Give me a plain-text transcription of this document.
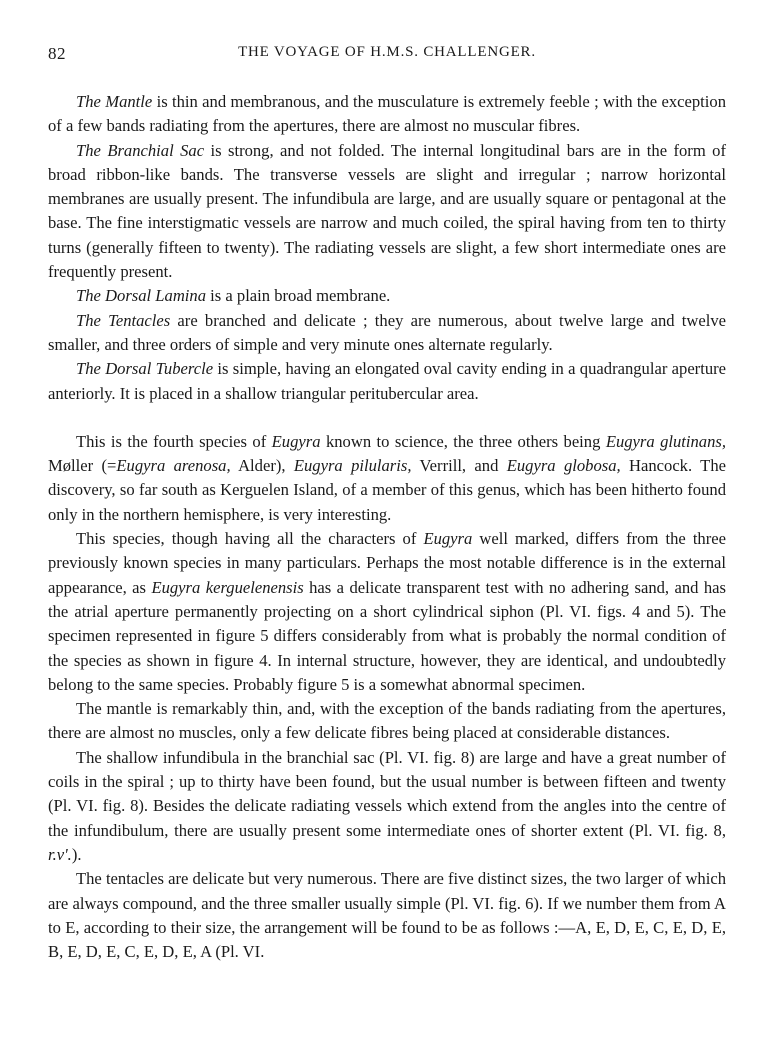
82	THE VOYAGE OF H.M.S. CHALLENGER.

The Mantle is thin and membranous, and the musculature is extremely feeble ; with the exception of a few bands radiating from the apertures, there are almost no muscular fibres.

The Branchial Sac is strong, and not folded. The internal longitudinal bars are in the form of broad ribbon-like bands. The transverse vessels are slight and irregular ; narrow horizontal membranes are usually present. The infundibula are large, and are usually square or pentagonal at the base. The fine interstigmatic vessels are narrow and much coiled, the spiral having from ten to thirty turns (generally fifteen to twenty). The radiating vessels are slight, a few short intermediate ones are frequently present.

The Dorsal Lamina is a plain broad membrane.

The Tentacles are branched and delicate ; they are numerous, about twelve large and twelve smaller, and three orders of simple and very minute ones alternate regularly.

The Dorsal Tubercle is simple, having an elongated oval cavity ending in a quadrangular aperture anteriorly. It is placed in a shallow triangular peritubercular area.

This is the fourth species of Eugyra known to science, the three others being Eugyra glutinans, Møller (=Eugyra arenosa, Alder), Eugyra pilularis, Verrill, and Eugyra globosa, Hancock. The discovery, so far south as Kerguelen Island, of a member of this genus, which has been hitherto found only in the northern hemisphere, is very interesting.

This species, though having all the characters of Eugyra well marked, differs from the three previously known species in many particulars. Perhaps the most notable difference is in the external appearance, as Eugyra kerguelenensis has a delicate transparent test with no adhering sand, and has the atrial aperture permanently projecting on a short cylindrical siphon (Pl. VI. figs. 4 and 5). The specimen represented in figure 5 differs considerably from what is probably the normal condition of the species as shown in figure 4. In internal structure, however, they are identical, and undoubtedly belong to the same species. Probably figure 5 is a somewhat abnormal specimen.

The mantle is remarkably thin, and, with the exception of the bands radiating from the apertures, there are almost no muscles, only a few delicate fibres being placed at considerable distances.

The shallow infundibula in the branchial sac (Pl. VI. fig. 8) are large and have a great number of coils in the spiral ; up to thirty have been found, but the usual number is between fifteen and twenty (Pl. VI. fig. 8). Besides the delicate radiating vessels which extend from the angles into the centre of the infundibulum, there are usually present some intermediate ones of shorter extent (Pl. VI. fig. 8, r.v'.).

The tentacles are delicate but very numerous. There are five distinct sizes, the two larger of which are always compound, and the three smaller usually simple (Pl. VI. fig. 6). If we number them from A to E, according to their size, the arrangement will be found to be as follows :—A, E, D, E, C, E, D, E, B, E, D, E, C, E, D, E, A (Pl. VI.
